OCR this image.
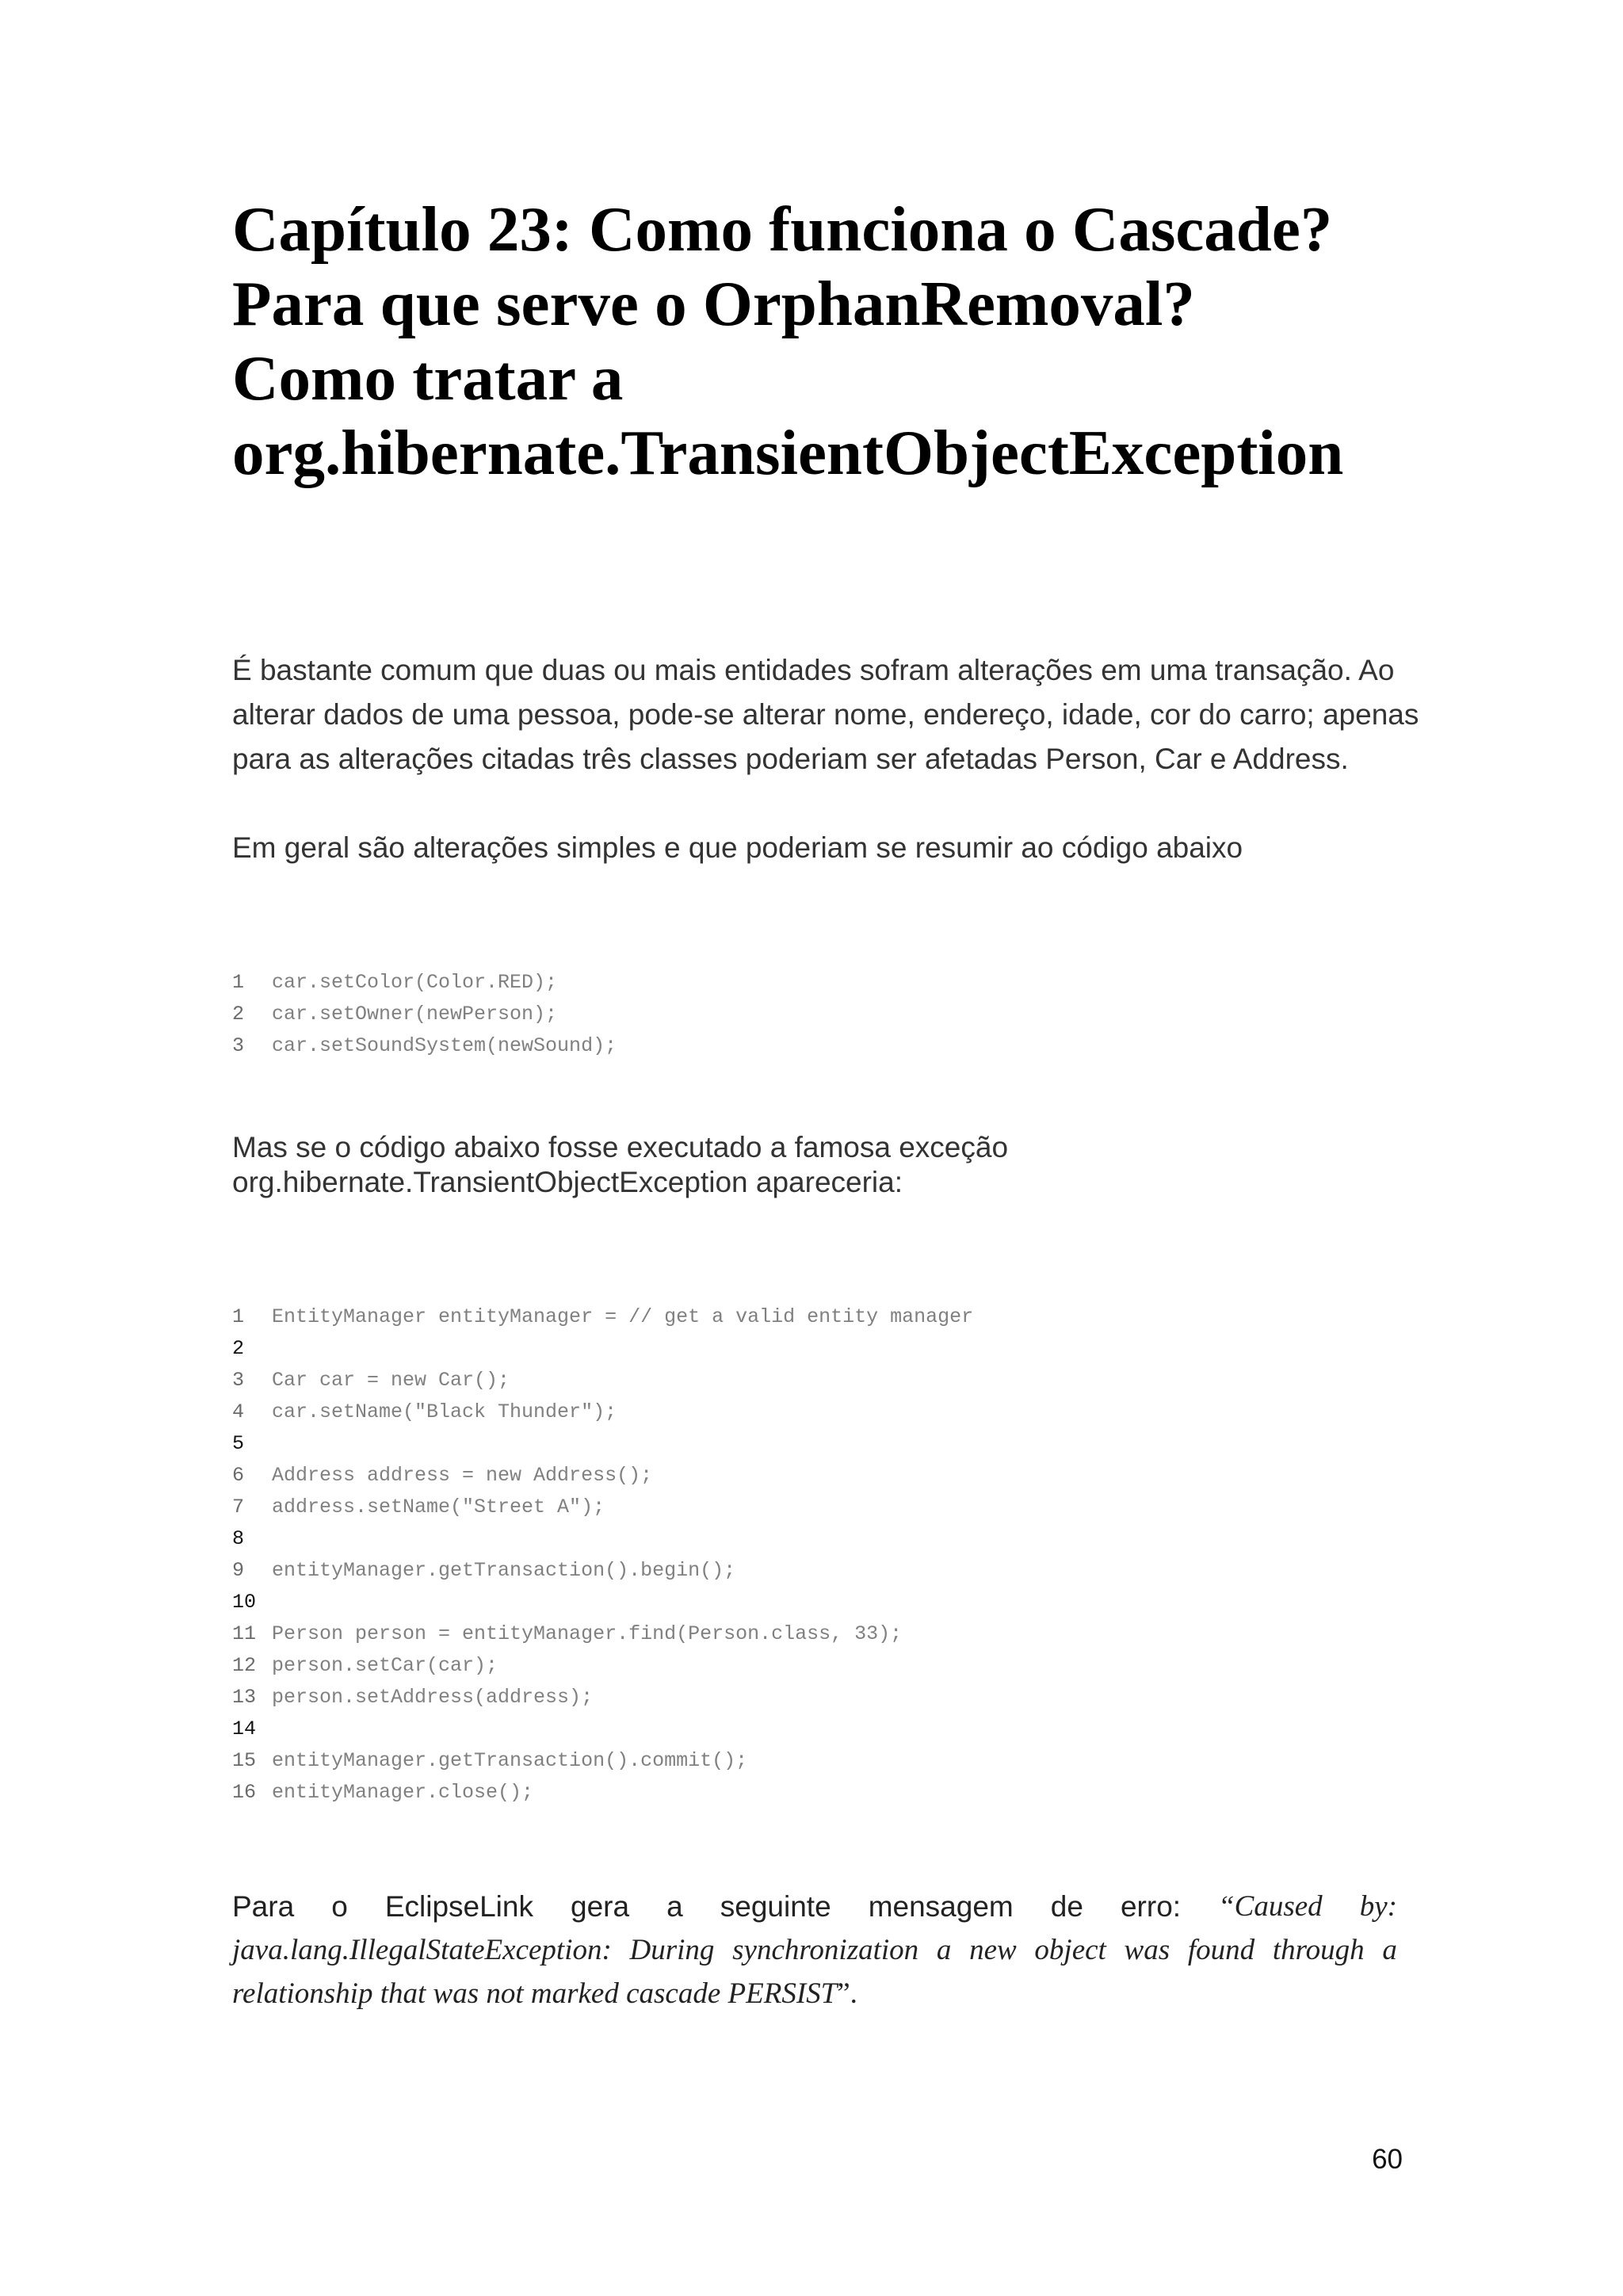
Capítulo 23: Como funciona o Cascade?
Para que serve o OrphanRemoval?
Como tratar a
org.hibernate.TransientObjectException

É bastante comum que duas ou mais entidades sofram alterações em uma transação. Ao
alterar dados de uma pessoa, pode-se alterar nome, endereço, idade, cor do carro; apenas
para as alterações citadas três classes poderiam ser afetadas Person, Car e Address.

Em geral são alterações simples e que poderiam se resumir ao código abaixo

1 car.setColor(Color.RED);
2 car.setOwner(newPerson);
3 car.setSoundSystem(newSound);

Mas se o código abaixo fosse executado a famosa exceção
org.hibernate.TransientObjectException apareceria:

1 EntityManager entityManager = // get a valid entity manager
2
3 Car car = new Car();
4 car.setName("Black Thunder");
5
6 Address address = new Address();
7 address.setName("Street A");
8
9 entityManager.getTransaction().begin();
10
11 Person person = entityManager.find(Person.class, 33);
12 person.setCar(car);
13 person.setAddress(address);
14
15 entityManager.getTransaction().commit();
16 entityManager.close();
Para o EclipseLink gera a seguinte mensagem de erro: “Caused by:
java.lang.IllegalStateException: During synchronization a new object was found through a
relationship that was not marked cascade PERSIST”.
60
